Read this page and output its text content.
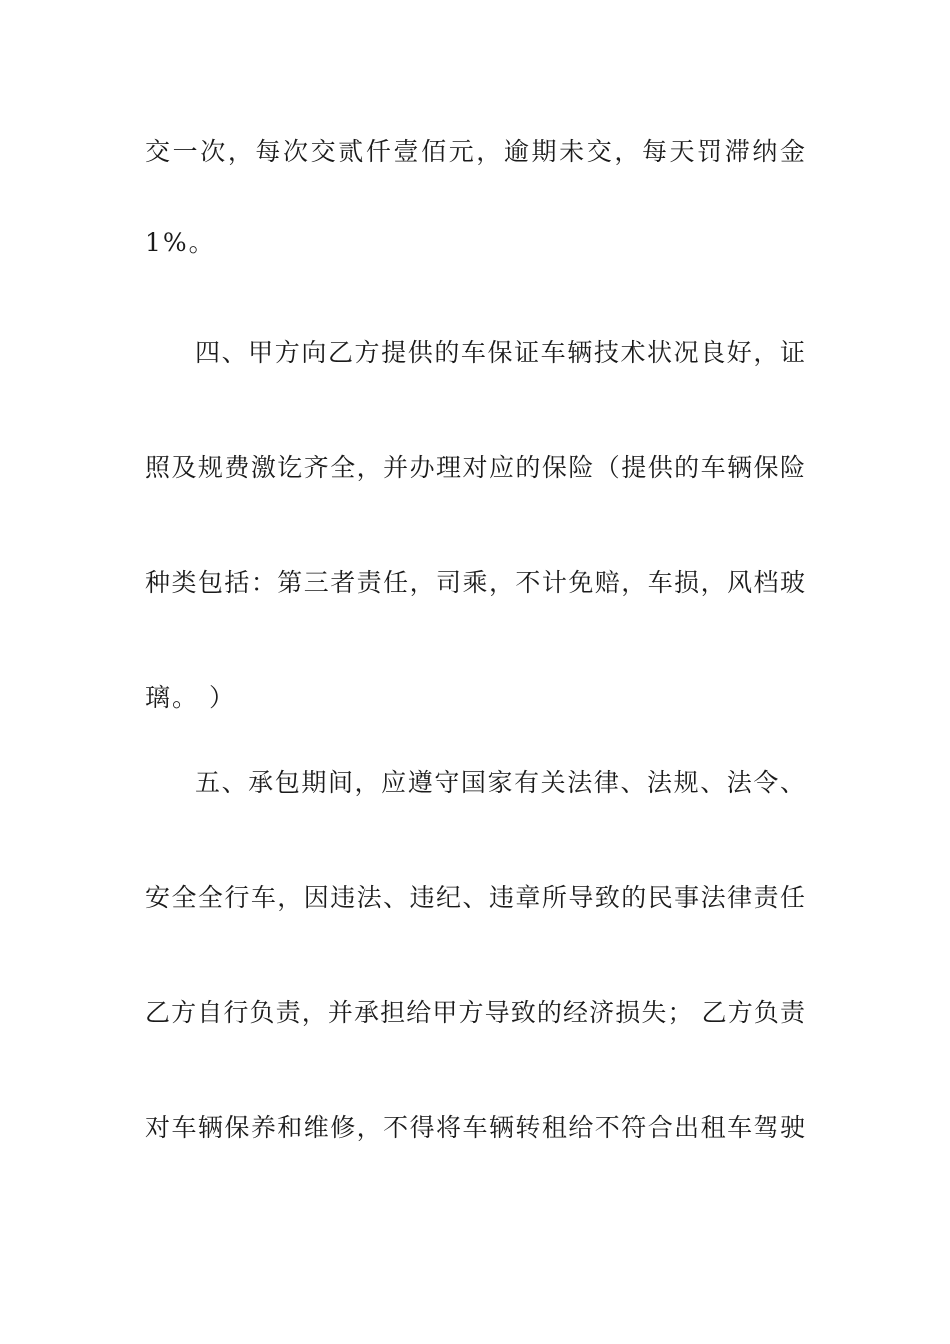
交一次，每次交贰仟壹佰元，逾期未交，每天罚滞纳金
1%。
四、甲方向乙方提供的车保证车辆技术状况良好，证
照及规费激讫齐全，并办理对应的保险（提供的车辆保险
种类包括：第三者责任，司乘，不计免赔，车损，风档玻
璃。 ）
五、承包期间，应遵守国家有关法律、法规、法令、
安全全行车，因违法、违纪、违章所导致的民事法律责任
乙方自行负责，并承担给甲方导致的经济损失； 乙方负责
对车辆保养和维修，不得将车辆转租给不符合出租车驾驶
